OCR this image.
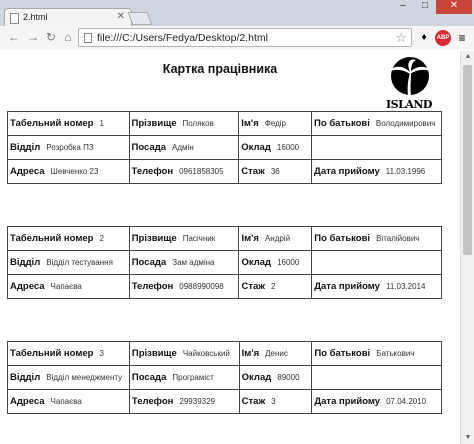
2.html	✕
–	□	✕
← → ↻ ⌂	file:///C:/Users/Fedya/Desktop/2.html	☆	♦	ABP ≡
Картка працівника
ISLAND
Табельний номер 1	Прізвище Поляков	Ім'я Федір	По батькові Володимирович
Відділ Розробка ПЗ	Посада Адмін	Оклад 16000	
Адреса Шевченко 23	Телефон 0961858305	Стаж 36	Дата прийому 11.03.1996
Табельний номер 2	Прізвище Пасічник	Ім'я Андрій	По батькові Віталійович
Відділ Відділ тестування	Посада Зам адміна	Оклад 16000	
Адреса Чапаєва	Телефон 0988990098	Стаж 2	Дата прийому 11.03.2014
Табельний номер 3	Прізвище Чайковський	Ім'я Денис	По батькові Батькович
Відділ Відділ менеджменту	Посада Програміст	Оклад 89000	
Адреса Чапаєва	Телефон 29939329	Стаж 3	Дата прийому 07.04.2010
▲
▼
